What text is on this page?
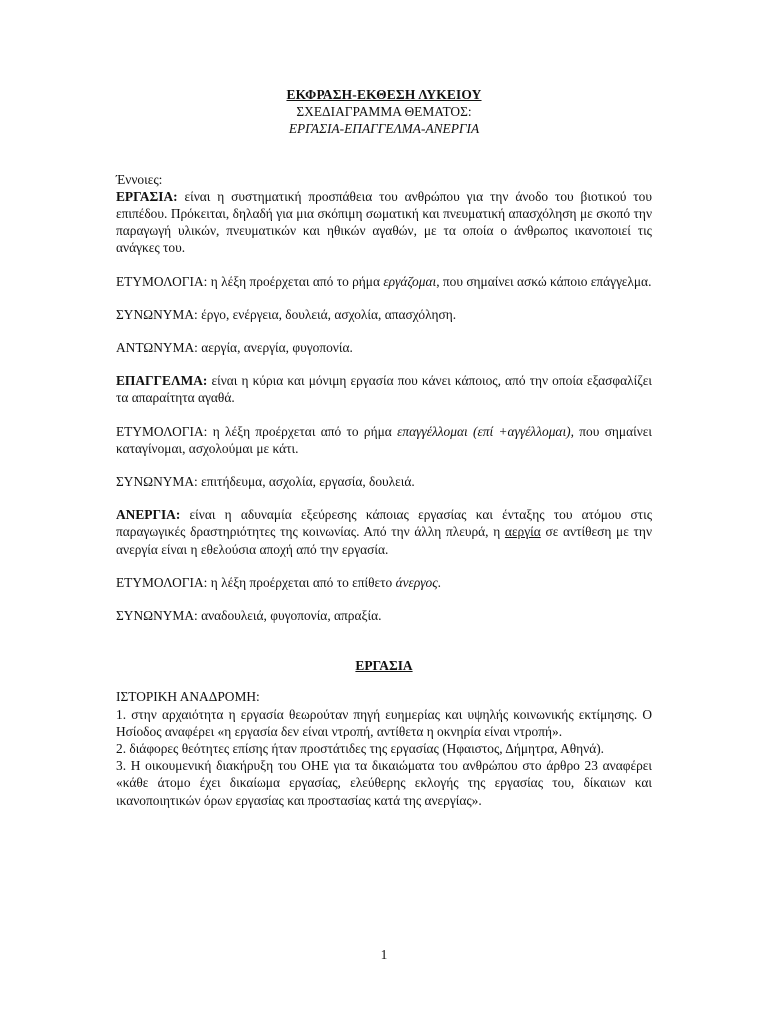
ΕΚΦΡΑΣΗ-ΕΚΘΕΣΗ ΛΥΚΕΙΟΥ
ΣΧΕΔΙΑΓΡΑΜΜΑ ΘΕΜΑΤΟΣ:
ΕΡΓΑΣΙΑ-ΕΠΑΓΓΕΛΜΑ-ΑΝΕΡΓΙΑ

Έννοιες:

ΕΡΓΑΣΙΑ: είναι η συστηματική προσπάθεια του ανθρώπου για την άνοδο του βιοτικού του επιπέδου. Πρόκειται, δηλαδή για μια σκόπιμη σωματική και πνευματική απασχόληση με σκοπό την παραγωγή υλικών, πνευματικών και ηθικών αγαθών, με τα οποία ο άνθρωπος ικανοποιεί τις ανάγκες του.

ΕΤΥΜΟΛΟΓΙΑ: η λέξη προέρχεται από το ρήμα εργάζομαι, που σημαίνει ασκώ κάποιο επάγγελμα.

ΣΥΝΩΝΥΜΑ: έργο, ενέργεια, δουλειά, ασχολία, απασχόληση.

ΑΝΤΩΝΥΜΑ: αεργία, ανεργία, φυγοπονία.

ΕΠΑΓΓΕΛΜΑ: είναι η κύρια και μόνιμη εργασία που κάνει κάποιος, από την οποία εξασφαλίζει τα απαραίτητα αγαθά.

ΕΤΥΜΟΛΟΓΙΑ: η λέξη προέρχεται από το ρήμα επαγγέλλομαι (επί +αγγέλλομαι), που σημαίνει καταγίνομαι, ασχολούμαι με κάτι.

ΣΥΝΩΝΥΜΑ: επιτήδευμα, ασχολία, εργασία, δουλειά.

ΑΝΕΡΓΙΑ: είναι η αδυναμία εξεύρεσης κάποιας εργασίας και ένταξης του ατόμου στις παραγωγικές δραστηριότητες της κοινωνίας. Από την άλλη πλευρά, η αεργία σε αντίθεση με την ανεργία είναι η εθελούσια αποχή από την εργασία.

ΕΤΥΜΟΛΟΓΙΑ: η λέξη προέρχεται από το επίθετο άνεργος.

ΣΥΝΩΝΥΜΑ: αναδουλειά, φυγοπονία, απραξία.

ΕΡΓΑΣΙΑ

ΙΣΤΟΡΙΚΗ ΑΝΑΔΡΟΜΗ:

1. στην αρχαιότητα η εργασία θεωρούταν πηγή ευημερίας και υψηλής κοινωνικής εκτίμησης. Ο Ησίοδος αναφέρει «η εργασία δεν είναι ντροπή, αντίθετα η οκνηρία είναι ντροπή».

2. διάφορες θεότητες επίσης ήταν προστάτιδες της εργασίας (Ηφαιστος, Δήμητρα, Αθηνά).

3. Η οικουμενική διακήρυξη του ΟΗΕ για τα δικαιώματα του ανθρώπου στο άρθρο 23 αναφέρει «κάθε άτομο έχει δικαίωμα εργασίας, ελεύθερης εκλογής της εργασίας του, δίκαιων και ικανοποιητικών όρων εργασίας και προστασίας κατά της ανεργίας».

1
